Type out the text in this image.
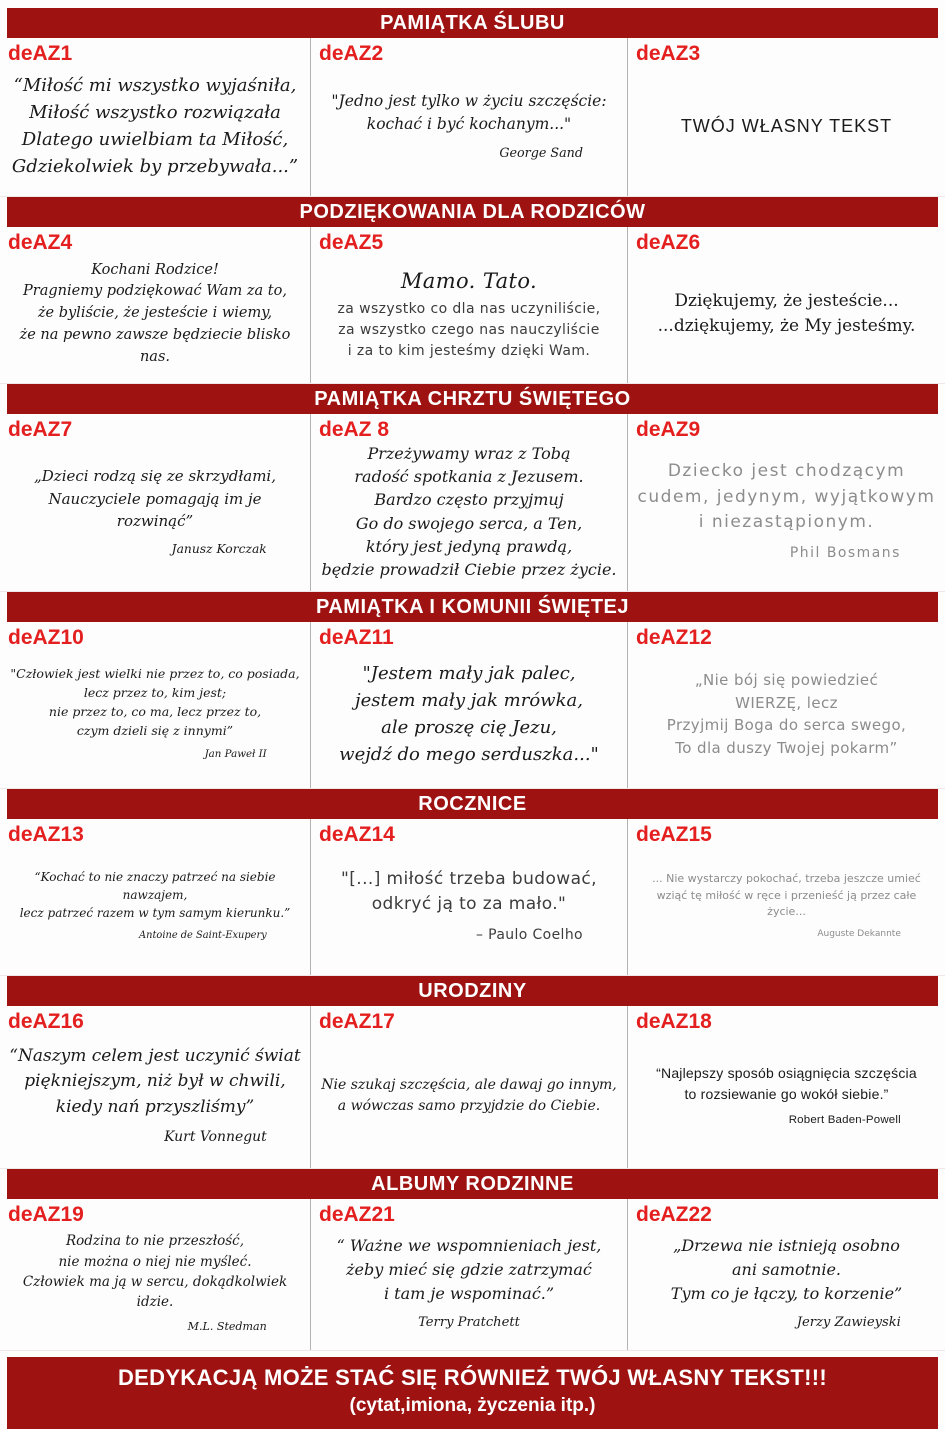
PAMIĄTKA ŚLUBU
deAZ1
“Miłość mi wszystko wyjaśniła,
Miłość wszystko rozwiązała
Dlatego uwielbiam ta Miłość,
Gdziekolwiek by przebywała...”
deAZ2
"Jedno jest tylko w życiu szczęście:
kochać i być kochanym..."
George Sand
deAZ3
TWÓJ WŁASNY TEKST
PODZIĘKOWANIA DLA RODZICÓW
deAZ4
Kochani Rodzice!
Pragniemy podziękować Wam za to,
że byliście, że jesteście i wiemy,
że na pewno zawsze będziecie blisko nas.
deAZ5
Mamo. Tato.
za wszystko co dla nas uczyniliście,
za wszystko czego nas nauczyliście
i za to kim jesteśmy dzięki Wam.
deAZ6
Dziękujemy, że jesteście...
...dziękujemy, że My jesteśmy.
PAMIĄTKA CHRZTU ŚWIĘTEGO
deAZ7
„Dzieci rodzą się ze skrzydłami,
Nauczyciele pomagają im je rozwinąć”
Janusz Korczak
deAZ 8
Przeżywamy wraz z Tobą
radość spotkania z Jezusem.
Bardzo często przyjmuj
Go do swojego serca, a Ten,
który jest jedyną prawdą,
będzie prowadził Ciebie przez życie.
deAZ9
Dziecko jest chodzącym
cudem, jedynym, wyjątkowym
i niezastąpionym.
Phil Bosmans
PAMIĄTKA I KOMUNII ŚWIĘTEJ
deAZ10
"Człowiek jest wielki nie przez to, co posiada,
lecz przez to, kim jest;
nie przez to, co ma, lecz przez to,
czym dzieli się z innymi”
Jan Paweł II
deAZ11
"Jestem mały jak palec,
jestem mały jak mrówka,
ale proszę cię Jezu,
wejdź do mego serduszka..."
deAZ12
„Nie bój się powiedzieć
WIERZĘ, lecz
Przyjmij Boga do serca swego,
To dla duszy Twojej pokarm”
ROCZNICE
deAZ13
“Kochać to nie znaczy patrzeć na siebie nawzajem,
lecz patrzeć razem w tym samym kierunku.”
Antoine de Saint-Exupery
deAZ14
"[...] miłość trzeba budować,
odkryć ją to za mało."
– Paulo Coelho
deAZ15
... Nie wystarczy pokochać, trzeba jeszcze umieć
wziąć tę miłość w ręce i przenieść ją przez całe życie...
Auguste Dekannte
URODZINY
deAZ16
“Naszym celem jest uczynić świat
piękniejszym, niż był w chwili,
kiedy nań przyszliśmy”
Kurt Vonnegut
deAZ17
Nie szukaj szczęścia, ale dawaj go innym,
a wówczas samo przyjdzie do Ciebie.
deAZ18
“Najlepszy sposób osiągnięcia szczęścia
to rozsiewanie go wokół siebie.”
Robert Baden-Powell
ALBUMY RODZINNE
deAZ19
Rodzina to nie przeszłość,
nie można o niej nie myśleć.
Człowiek ma ją w sercu, dokądkolwiek idzie.
M.L. Stedman
deAZ21
“ Ważne we wspomnieniach jest,
żeby mieć się gdzie zatrzymać
i tam je wspominać.”
Terry Pratchett
deAZ22
„Drzewa nie istnieją osobno
ani samotnie.
Tym co je łączy, to korzenie”
Jerzy Zawieyski
DEDYKACJĄ MOŻE STAĆ SIĘ RÓWNIEŻ TWÓJ WŁASNY TEKST!!!
(cytat,imiona, życzenia itp.)
